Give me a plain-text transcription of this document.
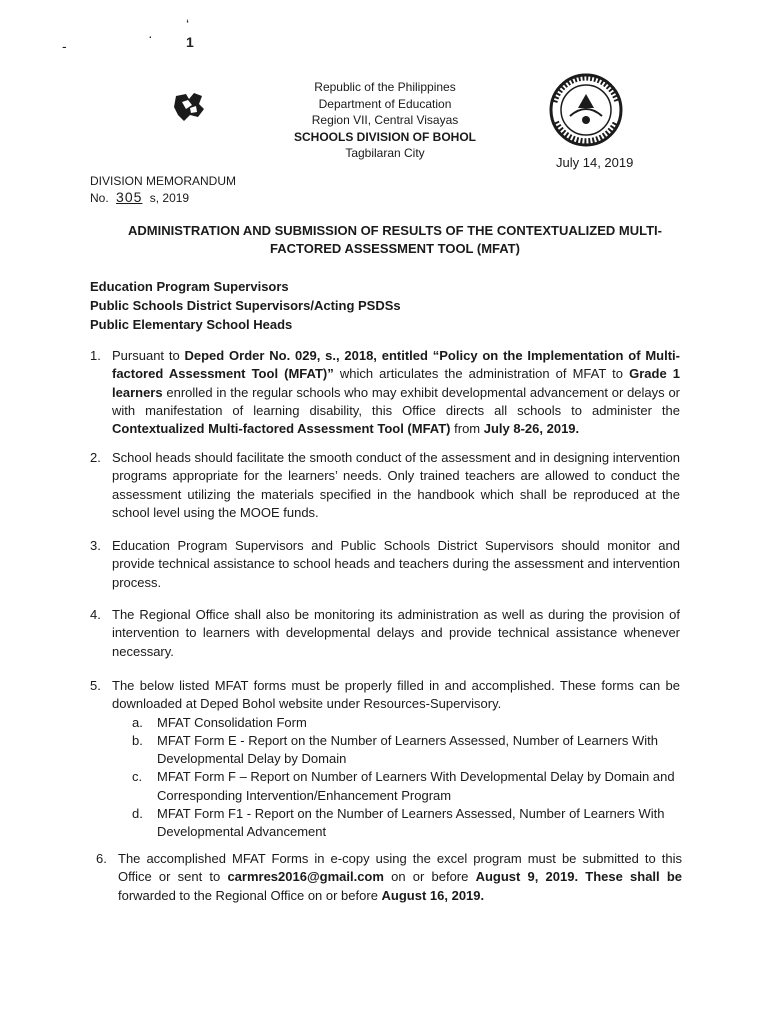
‘
· 1
-
Republic of the Philippines
Department of Education
Region VII, Central Visayas
SCHOOLS DIVISION OF BOHOL
Tagbilaran City
July 14, 2019
DIVISION MEMORANDUM
No. 305 s, 2019
ADMINISTRATION AND SUBMISSION OF RESULTS OF THE CONTEXTUALIZED MULTI-
FACTORED ASSESSMENT TOOL (MFAT)
Education Program Supervisors
Public Schools District Supervisors/Acting PSDSs
Public Elementary School Heads
1. Pursuant to Deped Order No. 029, s., 2018, entitled “Policy on the Implementation of Multi-factored Assessment Tool (MFAT)” which articulates the administration of MFAT to Grade 1 learners enrolled in the regular schools who may exhibit developmental advancement or delays or with manifestation of learning disability, this Office directs all schools to administer the Contextualized Multi-factored Assessment Tool (MFAT) from July 8-26, 2019.
2. School heads should facilitate the smooth conduct of the assessment and in designing intervention programs appropriate for the learners’ needs. Only trained teachers are allowed to conduct the assessment utilizing the materials specified in the handbook which shall be reproduced at the school level using the MOOE funds.
3. Education Program Supervisors and Public Schools District Supervisors should monitor and provide technical assistance to school heads and teachers during the assessment and intervention process.
4. The Regional Office shall also be monitoring its administration as well as during the provision of intervention to learners with developmental delays and provide technical assistance whenever necessary.
5. The below listed MFAT forms must be properly filled in and accomplished. These forms can be downloaded at Deped Bohol website under Resources-Supervisory.
a. MFAT Consolidation Form
b. MFAT Form E - Report on the Number of Learners Assessed, Number of Learners With Developmental Delay by Domain
c. MFAT Form F – Report on Number of Learners With Developmental Delay by Domain and Corresponding Intervention/Enhancement Program
d. MFAT Form F1 - Report on the Number of Learners Assessed, Number of Learners With Developmental Advancement
6. The accomplished MFAT Forms in e-copy using the excel program must be submitted to this Office or sent to carmres2016@gmail.com on or before August 9, 2019. These shall be forwarded to the Regional Office on or before August 16, 2019.
